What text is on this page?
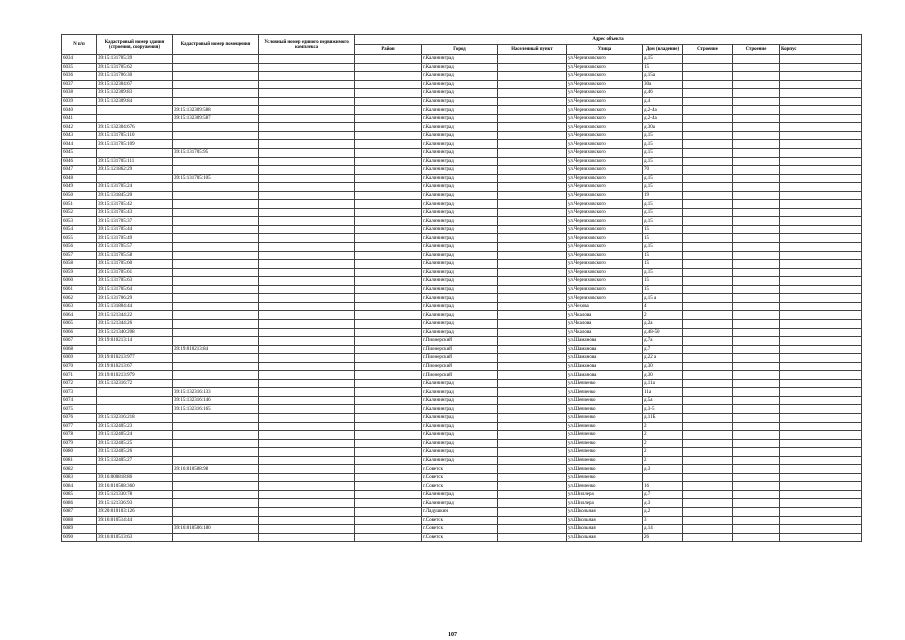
N п/п	Кадастровый номер здания (строения, сооружения)	Кадастровый номер помещения	Условный номер единого недвижимого комплекса	Адрес объекта							
				Район	Город	Населенный пункт	Улица	Дом (владение)	Строение	Строение	Корпус
6034	39:15:131705:39				г.Калининград		ул.Черниховского	д.15			
6035	39:15:131705:62				г.Калининград		ул.Черниховского	15			
6036	39:15:131706:30				г.Калининград		ул.Черниховского	д.15а			
6037	39:15:132304:67				г.Калининград		ул.Черниховского	30а			
6038	39:15:132309:83				г.Калининград		ул.Черниховского	д.46			
6039	39:15:132309:84				г.Калининград		ул.Черниховского	д.4			
6040		39:15:132309:588			г.Калининград		ул.Черниховского	д.2-4а			
6041		39:15:132309:587			г.Калининград		ул.Черниховского	д.2-4а			
6042	39:15:132304:676				г.Калининград		ул.Черниховского	д.30а			
6043	39:15:131705:110				г.Калининград		ул.Черниховского	д.15			
6044	39:15:131705:109				г.Калининград		ул.Черниховского	д.15			
6045		39:15:131705:95			г.Калининград		ул.Черниховского	д.15			
6046	39:15:131705:111				г.Калининград		ул.Черниховского	д.15			
6047	39:15:121862:29				г.Калининград		ул.Черниховского	70			
6048		39:15:131705:105			г.Калининград		ул.Черниховского	д.15			
6049	39:15:131705:24				г.Калининград		ул.Черниховского	д.15			
6050	39:15:131845:20				г.Калининград		ул.Черниховского	19			
6051	39:15:131705:42				г.Калининград		ул.Черниховского	д.15			
6052	39:15:131705:43				г.Калининград		ул.Черниховского	д.15			
6053	39:15:131705:37				г.Калининград		ул.Черниховского	д.15			
6054	39:15:131705:44				г.Калининград		ул.Черниховского	15			
6055	39:15:131705:49				г.Калининград		ул.Черниховского	15			
6056	39:15:131705:57				г.Калининград		ул.Черниховского	д.15			
6057	39:15:131705:58				г.Калининград		ул.Черниховского	15			
6058	39:15:131705:60				г.Калининград		ул.Черниховского	15			
6059	39:15:131705:61				г.Калининград		ул.Черниховского	д.15			
6060	39:15:131705:63				г.Калининград		ул.Черниховского	15			
6061	39:15:131705:64				г.Калининград		ул.Черниховского	15			
6062	39:15:131706:29				г.Калининград		ул.Черниховского	д.15 а			
6063	39:15:131804:44				г.Калининград		ул.Чехова	4			
6064	39:15:121344:22				г.Калининград		ул.Чкалова	2			
6065	39:15:121344:26				г.Калининград		ул.Чкалова	д.2а			
6066	39:15:121340:208				г.Калининград		ул.Чкалова	д.48-50			
6067	39:19:010213:14				г.Пионерский		ул.Шаманова	д.7а			
6068		39:19:010213:84			г.Пионерский		ул.Шаманова	д.7			
6069	39:19:010213:977				г.Пионерский		ул.Шаманова	д.22 а			
6070	39:19:010213:67				г.Пионерский		ул.Шаманова	д.30			
6071	39:19:010213:979				г.Пионерский		ул.Шаманова	д.30			
6072	39:15:132316:72				г.Калининград		ул.Шевченко	д.11а			
6073		39:15:132316:133			г.Калининград		ул.Шевченко	11а			
6074		39:15:132316:146			г.Калининград		ул.Шевченко	д.5а			
6075		39:15:132316:165			г.Калининград		ул.Шевченко	д.3-5			
6076	39:15:132316:218				г.Калининград		ул.Шевченко	д.11Б			
6077	39:15:132405:23				г.Калининград		ул.Шевченко	2			
6078	39:15:132405:24				г.Калининград		ул.Шевченко	2			
6079	39:15:132405:25				г.Калининград		ул.Шевченко	2			
6080	39:15:132405:26				г.Калининград		ул.Шевченко	2			
6081	39:15:132405:27				г.Калининград		ул.Шевченко	2			
6082		39:16:010508:98			г.Советск		ул.Шевченко	д.3			
6083	39:16:000818:86				г.Советск		ул.Шевченко				
6084	39:16:010508:360				г.Советск		ул.Шевченко	16			
6085	39:15:121330:78				г.Калининград		ул.Шиллера	д.7			
6086	39:15:121336:93				г.Калининград		ул.Шиллера	д.3			
6087	39:20:010103:126				г.Ладушкин		ул.Школьная	д.2			
6088	39:16:010514:44				г.Советск		ул.Школьная	3			
6089		39:16:010506:180			г.Советск		ул.Школьная	д.14			
6090	39:16:010513:63				г.Советск		ул.Школьная	26			
107
